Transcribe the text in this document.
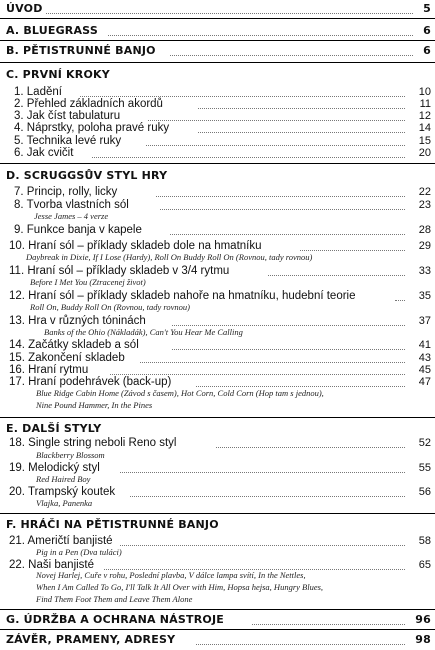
ÚVOD	5
A. BLUEGRASS	6
B. PĚTISTRUNNÉ BANJO	6
C. PRVNÍ KROKY
1. Ladění	10
2. Přehled základních akordů	11
3. Jak číst tabulaturu	12
4. Náprstky, poloha pravé ruky	14
5. Technika levé ruky	15
6. Jak cvičit	20
D. SCRUGGSŮV STYL HRY
7. Princip, rolly, licky	22
8. Tvorba vlastních sól	23
Jesse James – 4 verze
9. Funkce banja v kapele	28
10. Hraní sól – příklady skladeb dole na hmatníku	29
Daybreak in Dixie, If I Lose (Hardy), Roll On Buddy Roll On (Rovnou, tady rovnou)
11. Hraní sól – příklady skladeb v 3/4 rytmu	33
Before I Met You (Ztracenej život)
12. Hraní sól – příklady skladeb nahoře na hmatníku, hudební teorie	35
Roll On, Buddy Roll On (Rovnou, tady rovnou)
13. Hra v různých tóninách	37
Banks of the Ohio (Nákladák), Can't You Hear Me Calling
14. Začátky skladeb a sól	41
15. Zakončení skladeb	43
16. Hraní rytmu	45
17. Hraní podehrávek (back-up)	47
Blue Ridge Cabin Home (Závod s časem), Hot Corn, Cold Corn (Hop tam s jednou),
Nine Pound Hammer, In the Pines
E. DALŠÍ STYLY
18. Single string neboli Reno styl	52
Blackberry Blossom
19. Melodický styl	55
Red Haired Boy
20. Trampský koutek	56
Vlajka, Panenka
F. HRÁČI NA PĚTISTRUNNÉ BANJO
21. Američtí banjisté	58
Pig in a Pen (Dva tuláci)
22. Naši banjisté	65
Novej Harlej, Cuře v rohu, Poslední plavba, V dálce lampa svítí, In the Nettles,
When I Am Called To Go, I'll Talk It All Over with Him, Hopsa hejsa, Hungry Blues,
Find Them Foot Them and Leave Them Alone
G. ÚDRŽBA A OCHRANA NÁSTROJE	96
ZÁVĚR, PRAMENY, ADRESY	98
